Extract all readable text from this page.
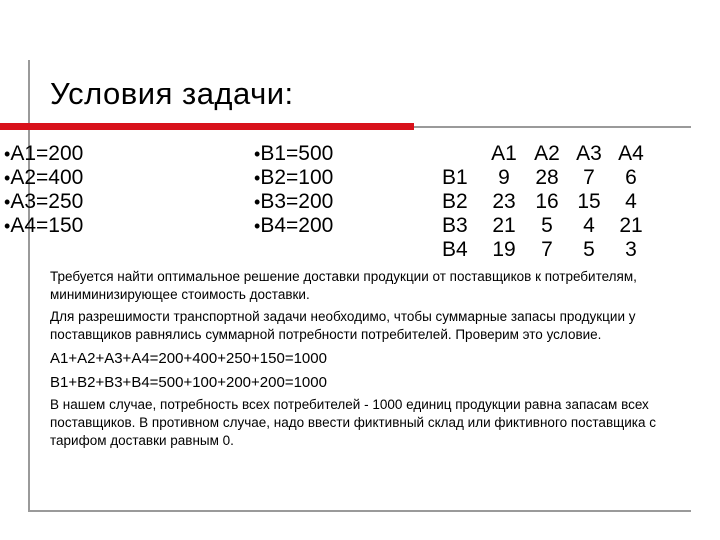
Условия задачи:
• A1=200
• A2=400
• A3=250
• A4=150
• B1=500
• B2=100
• B3=200
• B4=200
	A1	A2	A3	A4
B1	9	28	7	6
B2	23	16	15	4
B3	21	5	4	21
B4	19	7	5	3
Требуется найти оптимальное решение доставки продукции от поставщиков к потребителям, миниминизирующее стоимость доставки.
Для разрешимости транспортной задачи необходимо, чтобы суммарные запасы продукции у поставщиков равнялись суммарной потребности потребителей. Проверим это условие.
A1+A2+A3+A4=200+400+250+150=1000
B1+B2+B3+B4=500+100+200+200=1000
В нашем случае, потребность всех потребителей - 1000 единиц продукции равна запасам всех поставщиков. В противном случае, надо ввести фиктивный склад или фиктивного поставщика с тарифом доставки равным 0.
